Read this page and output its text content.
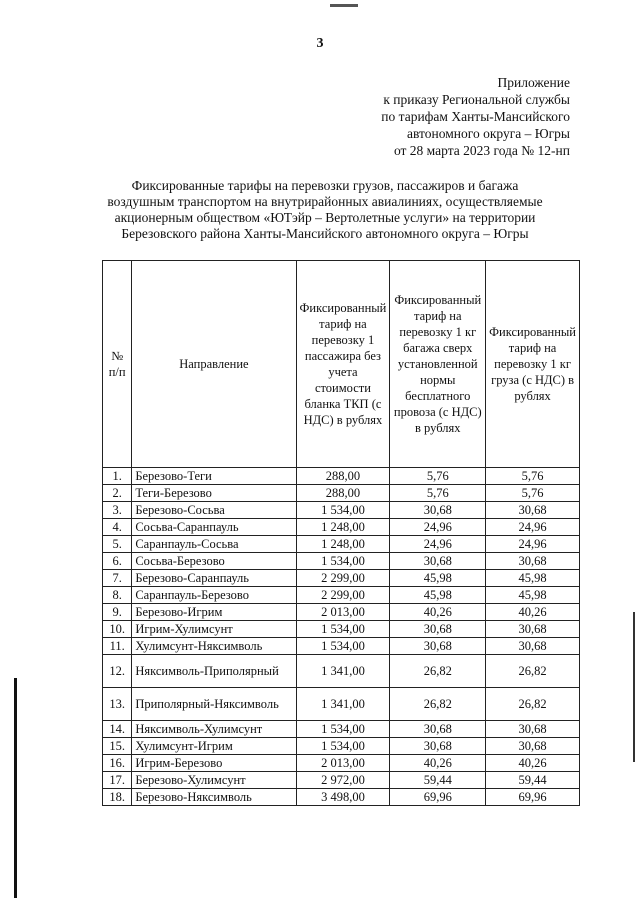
3
Приложение
к приказу Региональной службы
по тарифам Ханты-Мансийского
автономного округа – Югры
от 28 марта 2023 года № 12-нп
Фиксированные тарифы на перевозки грузов, пассажиров и багажа
воздушным транспортом на внутрирайонных авиалиниях, осуществляемые
акционерным обществом «ЮТэйр – Вертолетные услуги» на территории
Березовского района Ханты-Мансийского автономного округа – Югры
№ п/п	Направление	Фиксированный тариф на перевозку 1 пассажира без учета стоимости бланка ТКП (с НДС) в рублях	Фиксированный тариф на перевозку 1 кг багажа сверх установленной нормы бесплатного провоза (с НДС) в рублях	Фиксированный тариф на перевозку 1 кг груза (с НДС) в рублях
1.	Березово-Теги	288,00	5,76	5,76
2.	Теги-Березово	288,00	5,76	5,76
3.	Березово-Сосьва	1 534,00	30,68	30,68
4.	Сосьва-Саранпауль	1 248,00	24,96	24,96
5.	Саранпауль-Сосьва	1 248,00	24,96	24,96
6.	Сосьва-Березово	1 534,00	30,68	30,68
7.	Березово-Саранпауль	2 299,00	45,98	45,98
8.	Саранпауль-Березово	2 299,00	45,98	45,98
9.	Березово-Игрим	2 013,00	40,26	40,26
10.	Игрим-Хулимсунт	1 534,00	30,68	30,68
11.	Хулимсунт-Няксимволь	1 534,00	30,68	30,68
12.	Няксимволь-Приполярный	1 341,00	26,82	26,82
13.	Приполярный-Няксимволь	1 341,00	26,82	26,82
14.	Няксимволь-Хулимсунт	1 534,00	30,68	30,68
15.	Хулимсунт-Игрим	1 534,00	30,68	30,68
16.	Игрим-Березово	2 013,00	40,26	40,26
17.	Березово-Хулимсунт	2 972,00	59,44	59,44
18.	Березово-Няксимволь	3 498,00	69,96	69,96
